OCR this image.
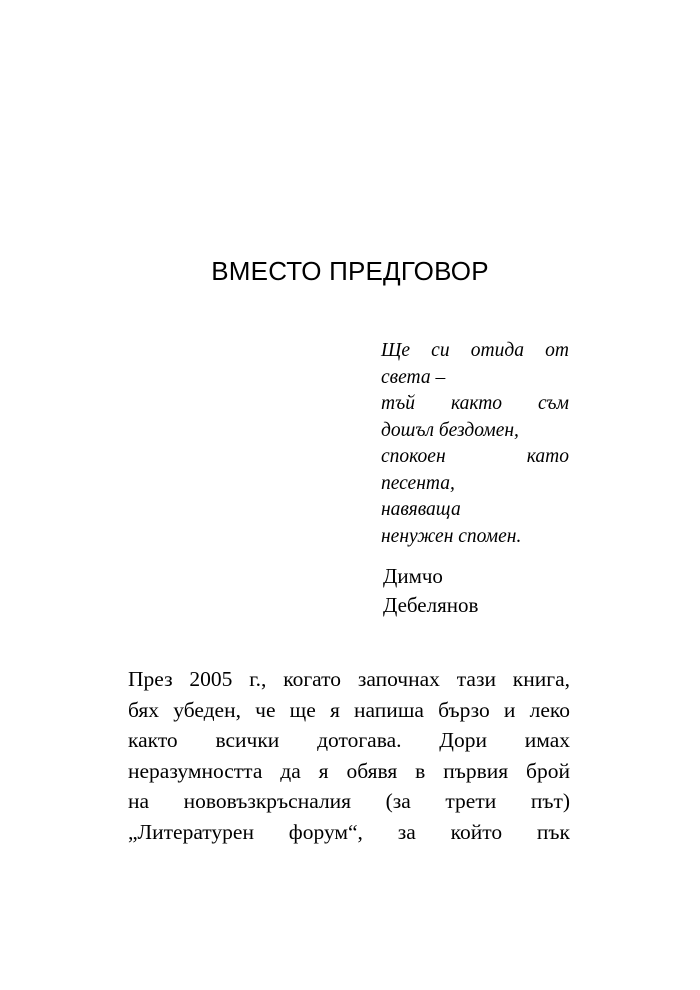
ВМЕСТО ПРЕДГОВОР
Ще си отида от
света –
тъй както съм
дошъл бездомен,
спокоен като
песента,
навяваща
ненужен спомен.
Димчо
Дебелянов
През 2005 г., когато започнах тази книга,
бях убеден, че ще я напиша бързо и леко
както всички дотогава. Дори имах
неразумността да я обявя в първия брой
на нововъзкръсналия (за трети път)
„Литературен форум“, за който пък
